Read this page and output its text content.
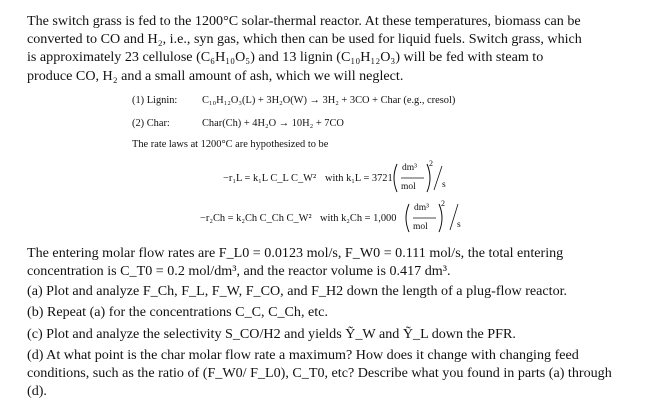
The switch grass is fed to the 1200°C solar-thermal reactor. At these temperatures, biomass can be

converted to CO and H₂, i.e., syn gas, which then can be used for liquid fuels. Switch grass, which

is approximately 23 cellulose (C₆H₁₀O₅) and 13 lignin (C₁₀H₁₂O₃) will be fed with steam to

produce CO, H₂ and a small amount of ash, which we will neglect.

(1) Lignin:	C₁₀H₁₂O₃(L) + 3H₂O(W) → 3H₂ + 3CO + Char (e.g., cresol)
(2) Char:	Char(Ch) + 4H₂O → 10H₂ + 7CO
The rate laws at 1200°C are hypothesized to be
−r₁L = k₁L C_L C_W² with k₁L = 3721
dm³
mol
2
s
−r₂Ch = k₂Ch C_Ch C_W² with k₂Ch = 1,000
dm³
mol
2
s

The entering molar flow rates are F_L0 = 0.0123 mol/s, F_W0 = 0.111 mol/s, the total entering

concentration is C_T0 = 0.2 mol/dm³, and the reactor volume is 0.417 dm³.

(a) Plot and analyze F_Ch, F_L, F_W, F_CO, and F_H2 down the length of a plug-flow reactor.

(b) Repeat (a) for the concentrations C_C, C_Ch, etc.

(c) Plot and analyze the selectivity S_CO/H2 and yields Ỹ_W and Ỹ_L down the PFR.

(d) At what point is the char molar flow rate a maximum? How does it change with changing feed

conditions, such as the ratio of (F_W0/ F_L0), C_T0, etc? Describe what you found in parts (a) through

(d).
